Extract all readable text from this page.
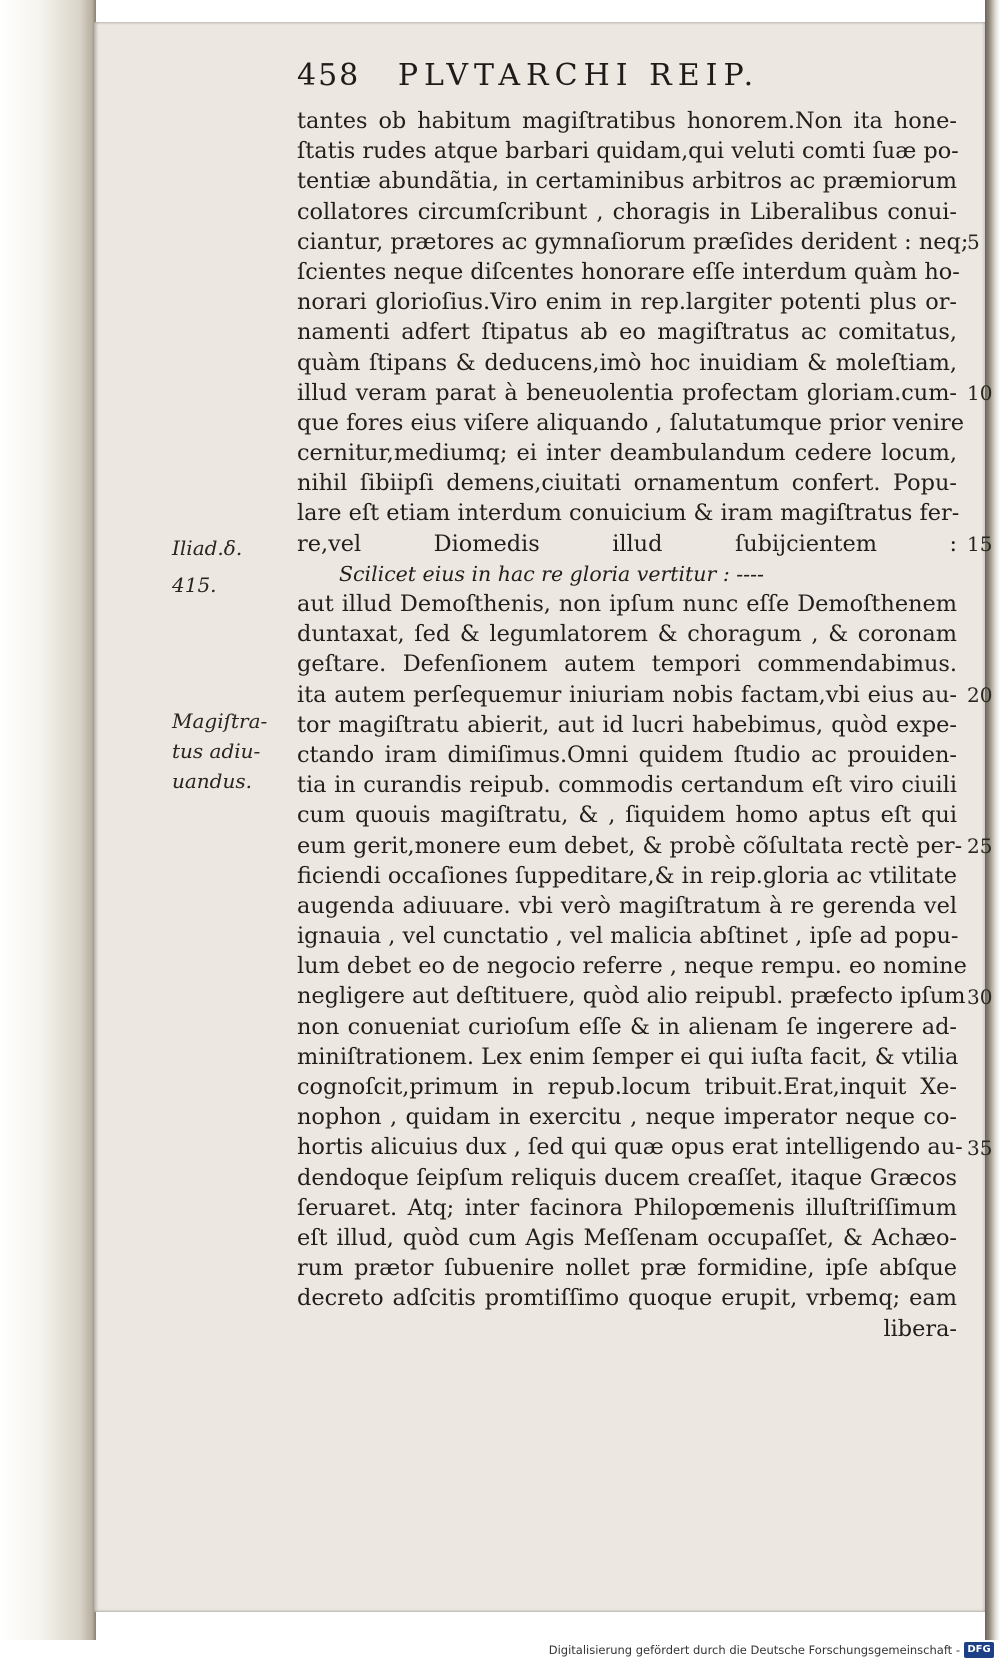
458 PLVTARCHI REIP.
tantes ob habitum magiſtratibus honorem.Non ita hone-
ſtatis rudes atque barbari quidam,qui veluti comti ſuæ po-
tentiæ abundãtia, in certaminibus arbitros ac præmiorum
collatores circumſcribunt , choragis in Liberalibus conui-
ciantur, prætores ac gymnaſiorum præſides derident : neq;
ſcientes neque diſcentes honorare eſſe interdum quàm ho-
norari glorioſius.Viro enim in rep.largiter potenti plus or-
namenti adfert ſtipatus ab eo magiſtratus ac comitatus,
quàm ſtipans & deducens,imò hoc inuidiam & moleſtiam,
illud veram parat à beneuolentia profectam gloriam.cum-
que fores eius viſere aliquando , ſalutatumque prior venire
cernitur,mediumq; ei inter deambulandum cedere locum,
nihil ſibiipſi demens,ciuitati ornamentum confert. Popu-
lare eſt etiam interdum conuicium & iram magiſtratus fer-
re,vel Diomedis illud ſubijcientem :
Scilicet eius in hac re gloria vertitur : ----
aut illud Demoſthenis, non ipſum nunc eſſe Demoſthenem
duntaxat, ſed & legumlatorem & choragum , & coronam
geſtare. Defenſionem autem tempori commendabimus.
ita autem perſequemur iniuriam nobis factam,vbi eius au-
tor magiſtratu abierit, aut id lucri habebimus, quòd expe-
ctando iram dimiſimus.Omni quidem ſtudio ac prouiden-
tia in curandis reipub. commodis certandum eſt viro ciuili
cum quouis magiſtratu, & , ſiquidem homo aptus eſt qui
eum gerit,monere eum debet, & probè cõſultata rectè per-
ficiendi occaſiones ſuppeditare,& in reip.gloria ac vtilitate
augenda adiuuare. vbi verò magiſtratum à re gerenda vel
ignauia , vel cunctatio , vel malicia abſtinet , ipſe ad popu-
lum debet eo de negocio referre , neque rempu. eo nomine
negligere aut deſtituere, quòd alio reipubl. præfecto ipſum
non conueniat curioſum eſſe & in alienam ſe ingerere ad-
miniſtrationem. Lex enim ſemper ei qui iuſta facit, & vtilia
cognoſcit,primum in repub.locum tribuit.Erat,inquit Xe-
nophon , quidam in exercitu , neque imperator neque co-
hortis alicuius dux , ſed qui quæ opus erat intelligendo au-
dendoque ſeipſum reliquis ducem creaſſet, itaque Græcos
ſeruaret. Atq; inter facinora Philopœmenis illuſtriſſimum
eſt illud, quòd cum Agis Meſſenam occupaſſet, & Achæo-
rum prætor ſubuenire nollet præ formidine, ipſe abſque
decreto adſcitis promtiſſimo quoque erupit, vrbemq; eam
libera-
5
10
15
20
25
30
35
Iliad.δ.
415.
Magiſtra-
tus adiu-
uandus.
Digitalisierung gefördert durch die Deutsche Forschungsgemeinschaft - DFG
